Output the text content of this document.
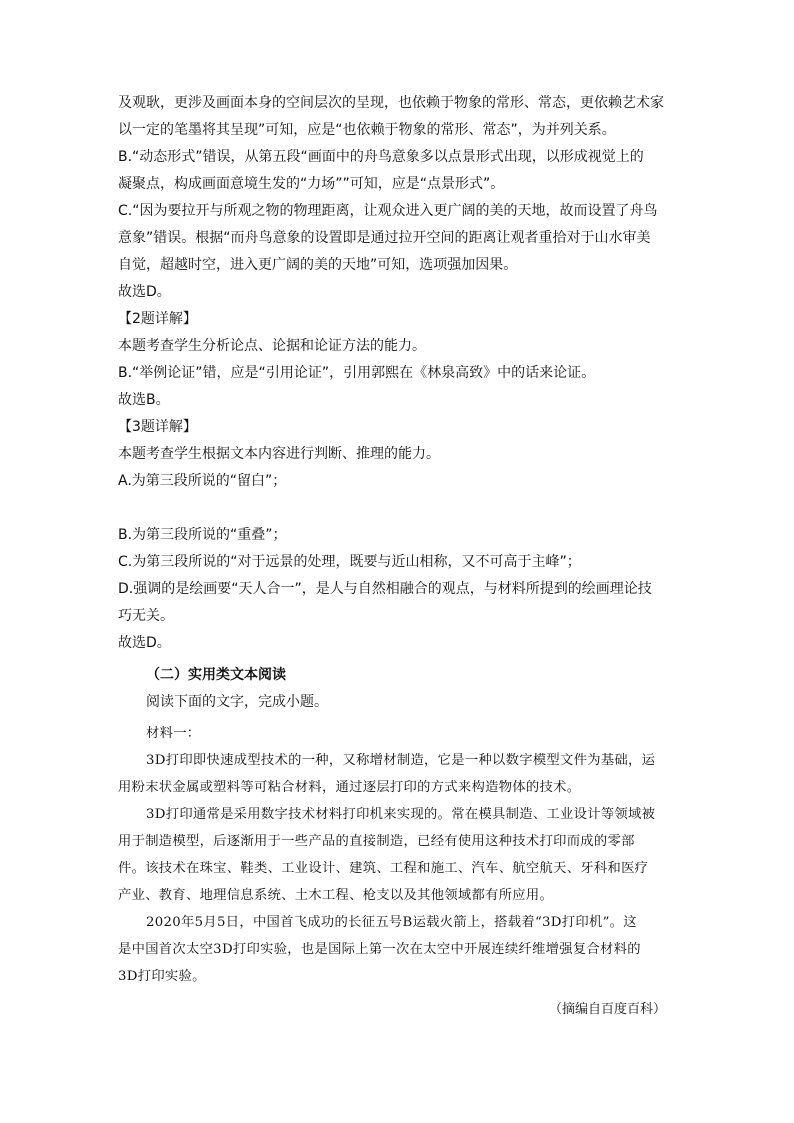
及观耿，更涉及画面本身的空间层次的呈现，也依赖于物象的常形、常态，更依赖艺术家
以一定的笔墨将其呈现”可知，应是“也依赖于物象的常形、常态”，为并列关系。
B.“动态形式”错误，从第五段“画面中的舟鸟意象多以点景形式出现，以形成视觉上的
凝聚点，构成画面意境生发的“力场””可知，应是“点景形式”。
C.“因为要拉开与所观之物的物理距离，让观众进入更广阔的美的天地，故而设置了舟鸟
意象”错误。根据“而舟鸟意象的设置即是通过拉开空间的距离让观者重拾对于山水审美
自觉，超越时空，进入更广阔的美的天地”可知，选项强加因果。
故选D。
【2题详解】
本题考查学生分析论点、论据和论证方法的能力。
B.“举例论证”错，应是“引用论证”，引用郭熙在《林泉高致》中的话来论证。
故选B。
【3题详解】
本题考查学生根据文本内容进行判断、推理的能力。
A.为第三段所说的“留白”；
B.为第三段所说的“重叠”；
C.为第三段所说的“对于远景的处理，既要与近山相称，又不可高于主峰”；
D.强调的是绘画要“天人合一”，是人与自然相融合的观点，与材料所提到的绘画理论技
巧无关。
故选D。
（二）实用类文本阅读
阅读下面的文字，完成小题。
材料一：
3D打印即快速成型技术的一种，又称增材制造，它是一种以数字模型文件为基础，运
用粉末状金属或塑料等可粘合材料，通过逐层打印的方式来构造物体的技术。
3D打印通常是采用数字技术材料打印机来实现的。常在模具制造、工业设计等领域被
用于制造模型，后逐渐用于一些产品的直接制造，已经有使用这种技术打印而成的零部
件。该技术在珠宝、鞋类、工业设计、建筑、工程和施工、汽车、航空航天、牙科和医疗
产业、教育、地理信息系统、土木工程、枪支以及其他领域都有所应用。
2020年5月5日，中国首飞成功的长征五号B运载火箭上，搭载着“3D打印机”。这
是中国首次太空3D打印实验，也是国际上第一次在太空中开展连续纤维增强复合材料的
3D打印实验。
（摘编自百度百科）
